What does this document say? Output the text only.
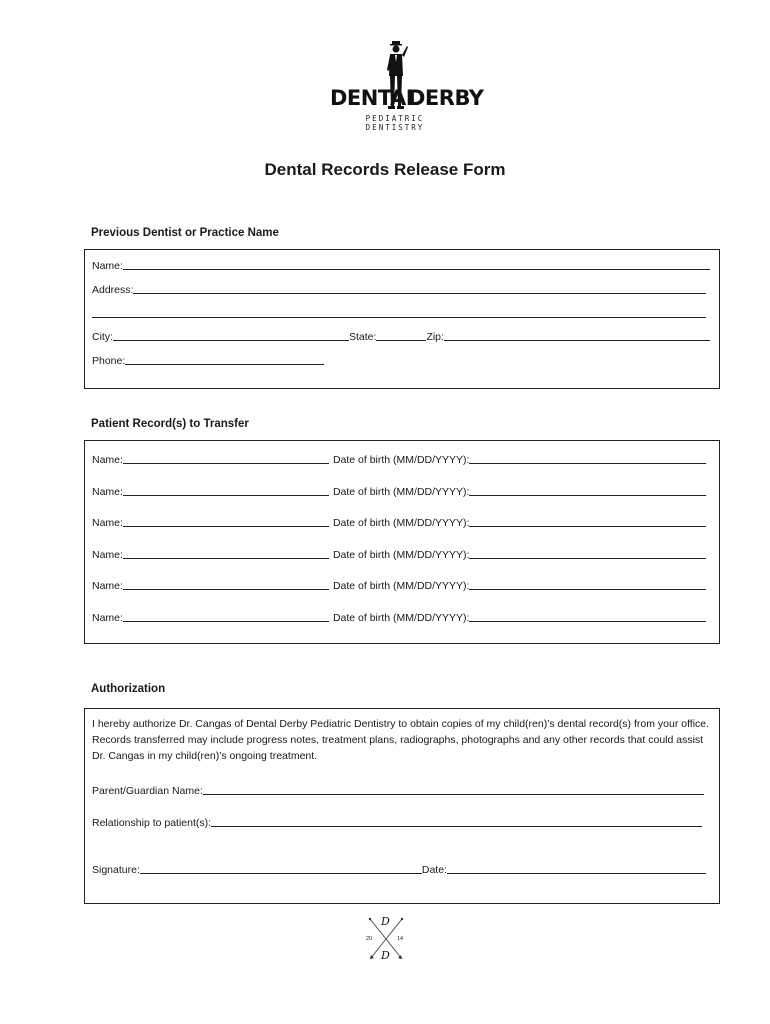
DENTAL
DERBY
PEDIATRIC DENTISTRY
Dental Records Release Form
Previous Dentist or Practice Name
Name:
Address:
City:	State:	Zip:
Phone:
Patient Record(s) to Transfer
Name:	Date of birth (MM/DD/YYYY):
Name:	Date of birth (MM/DD/YYYY):
Name:	Date of birth (MM/DD/YYYY):
Name:	Date of birth (MM/DD/YYYY):
Name:	Date of birth (MM/DD/YYYY):
Name:	Date of birth (MM/DD/YYYY):
Authorization
I hereby authorize Dr. Cangas of Dental Derby Pediatric Dentistry to obtain copies of my child(ren)’s dental record(s) from your office. Records transferred may include progress notes, treatment plans, radiographs, photographs and any other records that could assist Dr. Cangas in my child(ren)’s ongoing treatment.
Parent/Guardian Name:
Relationship to patient(s):
Signature:	Date:
D
D
20	14
